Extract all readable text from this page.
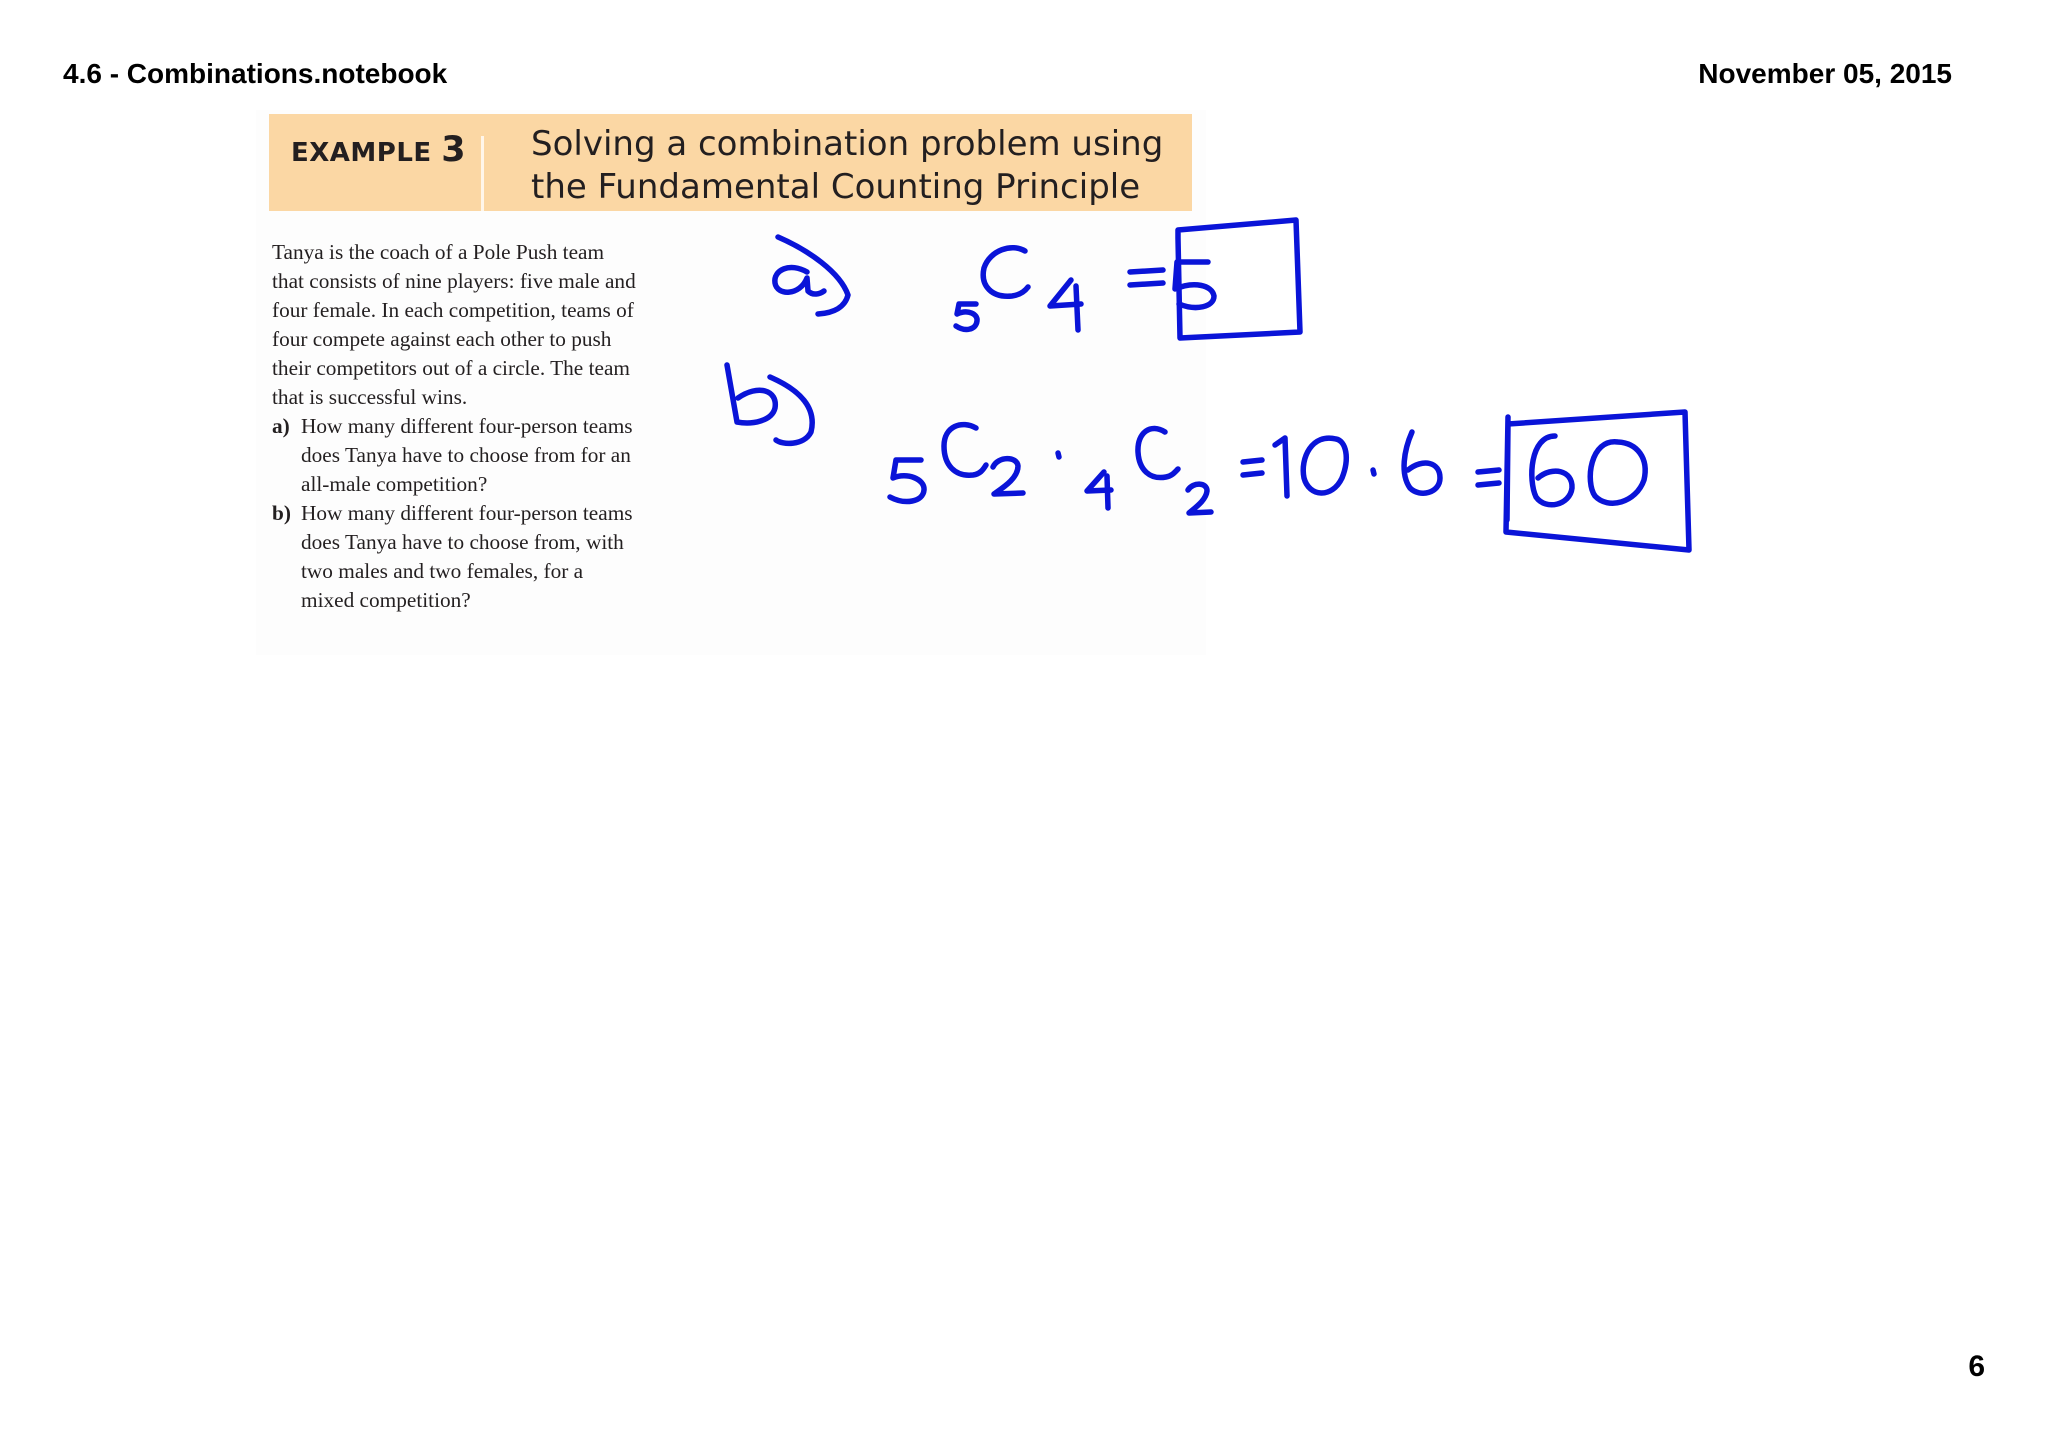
4.6 - Combinations.notebook	November 05, 2015
EXAMPLE 3 Solving a combination problem using the Fundamental Counting Principle

Tanya is the coach of a Pole Push team that consists of nine players: five male and four female. In each competition, teams of four compete against each other to push their competitors out of a circle. The team that is successful wins.

a) How many different four-person teams does Tanya have to choose from for an all-male competition?
b) How many different four-person teams does Tanya have to choose from, with two males and two females, for a mixed competition?
6
